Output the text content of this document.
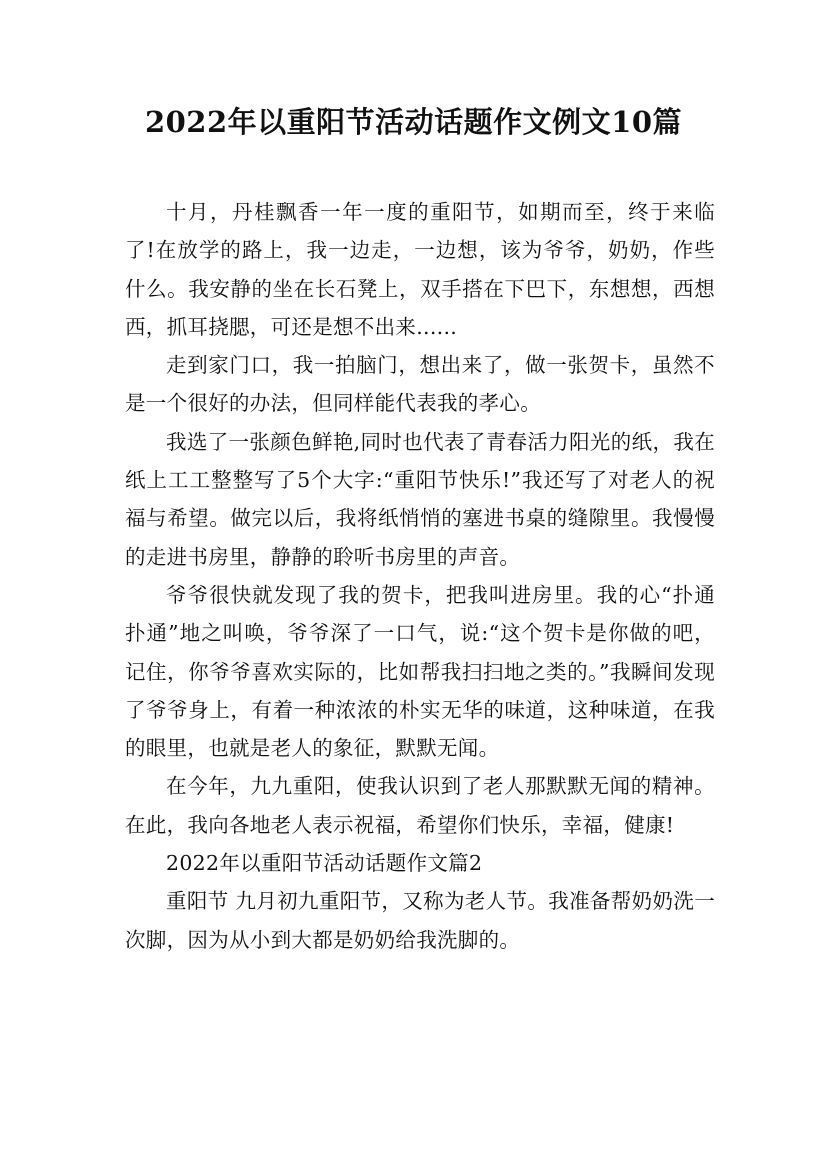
2022年以重阳节活动话题作文例文10篇

十月，丹桂飘香一年一度的重阳节，如期而至，终于来临了!在放学的路上，我一边走，一边想，该为爷爷，奶奶，作些什么。我安静的坐在长石凳上，双手搭在下巴下，东想想，西想西，抓耳挠腮，可还是想不出来......

走到家门口，我一拍脑门，想出来了，做一张贺卡，虽然不是一个很好的办法，但同样能代表我的孝心。

我选了一张颜色鲜艳,同时也代表了青春活力阳光的纸，我在纸上工工整整写了5个大字:“重阳节快乐!”我还写了对老人的祝福与希望。做完以后，我将纸悄悄的塞进书桌的缝隙里。我慢慢的走进书房里，静静的聆听书房里的声音。

爷爷很快就发现了我的贺卡，把我叫进房里。我的心“扑通扑通”地之叫唤，爷爷深了一口气，说:“这个贺卡是你做的吧，记住，你爷爷喜欢实际的，比如帮我扫扫地之类的。”我瞬间发现了爷爷身上，有着一种浓浓的朴实无华的味道，这种味道，在我的眼里，也就是老人的象征，默默无闻。

在今年，九九重阳，使我认识到了老人那默默无闻的精神。在此，我向各地老人表示祝福，希望你们快乐，幸福，健康!

2022年以重阳节活动话题作文篇2

重阳节 九月初九重阳节，又称为老人节。我准备帮奶奶洗一次脚，因为从小到大都是奶奶给我洗脚的。
